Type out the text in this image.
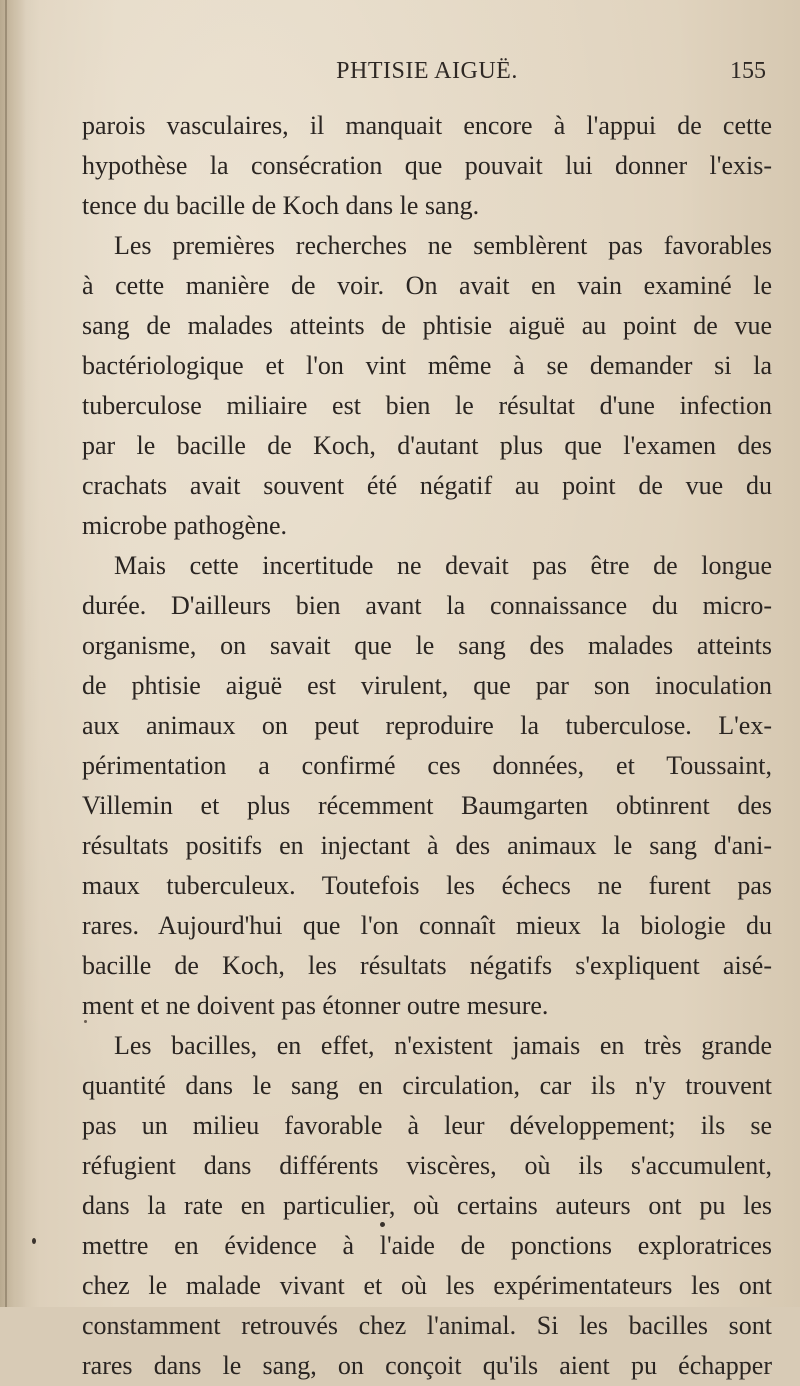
PHTISIE AIGUË.	155
parois vasculaires, il manquait encore à l'appui de cette
hypothèse la consécration que pouvait lui donner l'exis-
tence du bacille de Koch dans le sang.
Les premières recherches ne semblèrent pas favorables
à cette manière de voir. On avait en vain examiné le
sang de malades atteints de phtisie aiguë au point de vue
bactériologique et l'on vint même à se demander si la
tuberculose miliaire est bien le résultat d'une infection
par le bacille de Koch, d'autant plus que l'examen des
crachats avait souvent été négatif au point de vue du
microbe pathogène.
Mais cette incertitude ne devait pas être de longue
durée. D'ailleurs bien avant la connaissance du micro-
organisme, on savait que le sang des malades atteints
de phtisie aiguë est virulent, que par son inoculation
aux animaux on peut reproduire la tuberculose. L'ex-
périmentation a confirmé ces données, et Toussaint,
Villemin et plus récemment Baumgarten obtinrent des
résultats positifs en injectant à des animaux le sang d'ani-
maux tuberculeux. Toutefois les échecs ne furent pas
rares. Aujourd'hui que l'on connaît mieux la biologie du
bacille de Koch, les résultats négatifs s'expliquent aisé-
ment et ne doivent pas étonner outre mesure.
Les bacilles, en effet, n'existent jamais en très grande
quantité dans le sang en circulation, car ils n'y trouvent
pas un milieu favorable à leur développement; ils se
réfugient dans différents viscères, où ils s'accumulent,
dans la rate en particulier, où certains auteurs ont pu les
mettre en évidence à l'aide de ponctions exploratrices
chez le malade vivant et où les expérimentateurs les ont
constamment retrouvés chez l'animal. Si les bacilles sont
rares dans le sang, on conçoit qu'ils aient pu échapper
